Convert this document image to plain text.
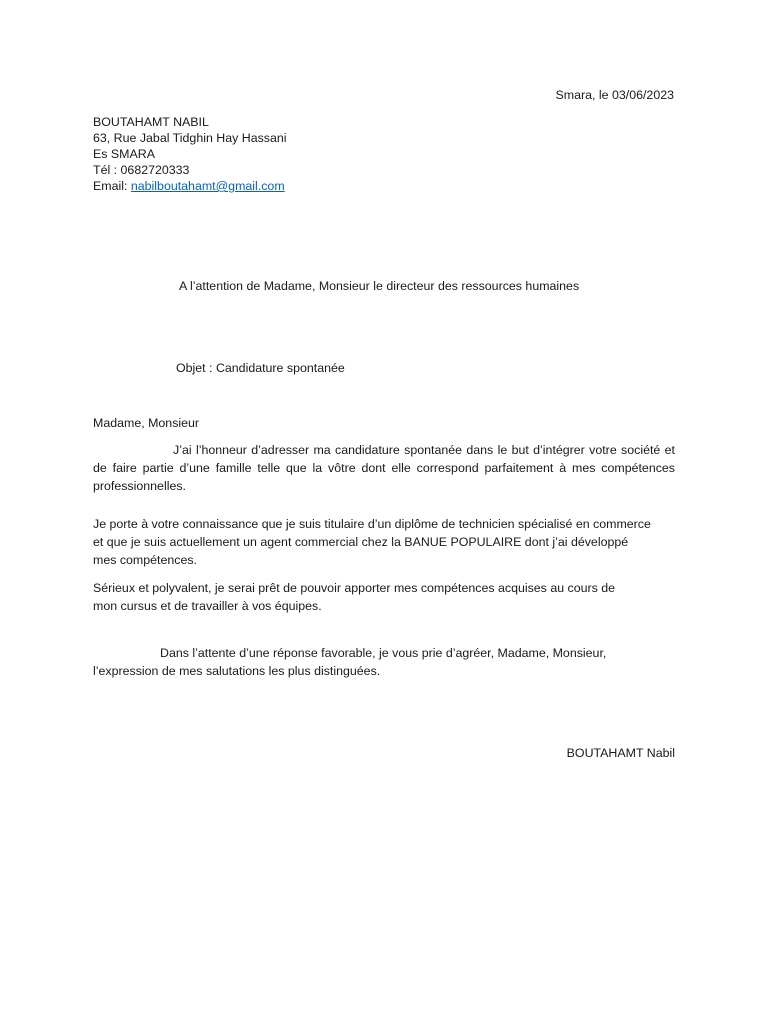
Smara, le 03/06/2023
BOUTAHAMT NABIL
63, Rue Jabal Tidghin Hay Hassani
Es SMARA
Tél : 0682720333
Email: nabilboutahamt@gmail.com
A l’attention de Madame, Monsieur le directeur des ressources humaines
Objet : Candidature spontanée
Madame, Monsieur
J’ai l’honneur d’adresser ma candidature spontanée dans le but d’intégrer votre société et de faire partie d’une famille telle que la vôtre dont elle correspond parfaitement à mes compétences professionnelles.
Je porte à votre connaissance que je suis titulaire d’un diplôme de technicien spécialisé en commerce et que je suis actuellement un agent commercial chez la BANUE POPULAIRE dont j’ai développé mes compétences.
Sérieux et polyvalent, je serai prêt de pouvoir apporter mes compétences acquises au cours de mon cursus et de travailler à vos équipes.
Dans l’attente d’une réponse favorable, je vous prie d’agréer, Madame, Monsieur, l’expression de mes salutations les plus distinguées.
BOUTAHAMT Nabil
